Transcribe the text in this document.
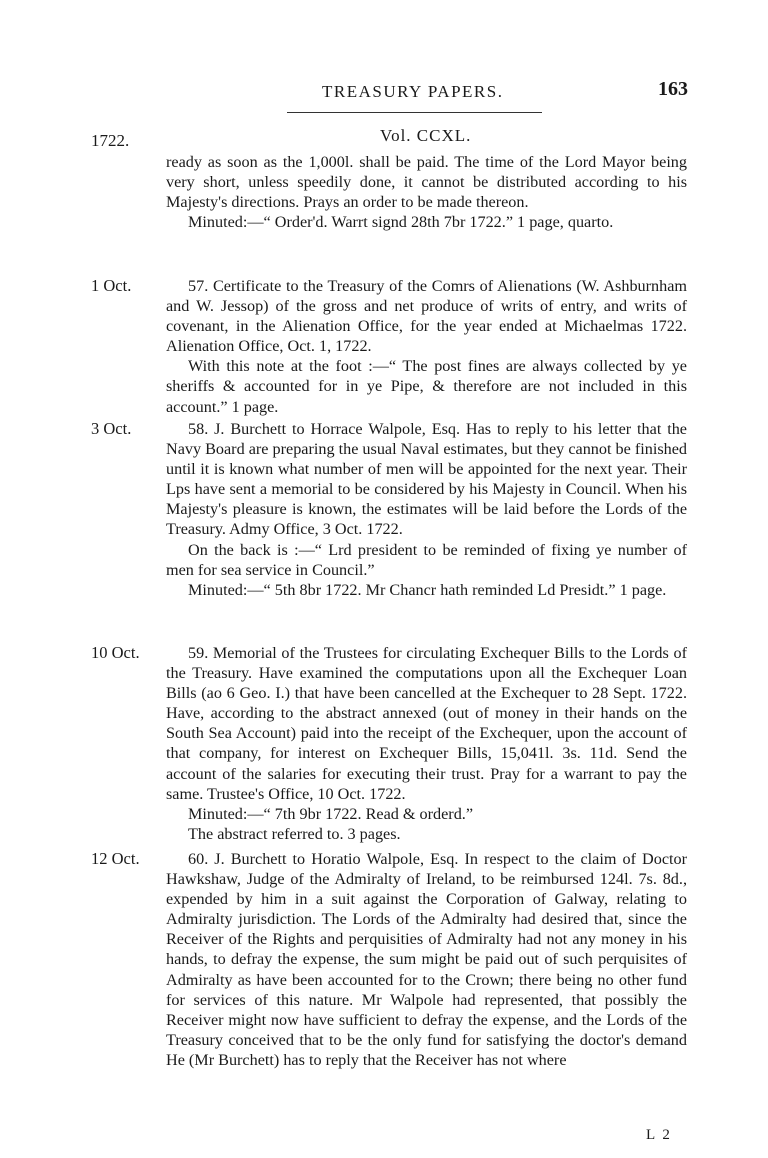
TREASURY PAPERS.	163
1722.	Vol. CCXL.

ready as soon as the 1,000l. shall be paid. The time of the Lord Mayor being very short, unless speedily done, it cannot be distributed according to his Majesty's directions. Prays an order to be made thereon.

Minuted:—“ Order'd. Warrt signd 28th 7br 1722.” 1 page, quarto.

1 Oct.	57. Certificate to the Treasury of the Comrs of Alienations (W. Ashburnham and W. Jessop) of the gross and net produce of writs of entry, and writs of covenant, in the Alienation Office, for the year ended at Michaelmas 1722. Alienation Office, Oct. 1, 1722.

With this note at the foot :—“ The post fines are always collected by ye sheriffs & accounted for in ye Pipe, & therefore are not included in this account.” 1 page.

3 Oct.	58. J. Burchett to Horrace Walpole, Esq. Has to reply to his letter that the Navy Board are preparing the usual Naval estimates, but they cannot be finished until it is known what number of men will be appointed for the next year. Their Lps have sent a memorial to be considered by his Majesty in Council. When his Majesty's pleasure is known, the estimates will be laid before the Lords of the Treasury. Admy Office, 3 Oct. 1722.

On the back is :—“ Lrd president to be reminded of fixing ye number of men for sea service in Council.”

Minuted:—“ 5th 8br 1722. Mr Chancr hath reminded Ld Presidt.” 1 page.

10 Oct.	59. Memorial of the Trustees for circulating Exchequer Bills to the Lords of the Treasury. Have examined the computations upon all the Exchequer Loan Bills (ao 6 Geo. I.) that have been cancelled at the Exchequer to 28 Sept. 1722. Have, according to the abstract annexed (out of money in their hands on the South Sea Account) paid into the receipt of the Exchequer, upon the account of that company, for interest on Exchequer Bills, 15,041l. 3s. 11d. Send the account of the salaries for executing their trust. Pray for a warrant to pay the same. Trustee's Office, 10 Oct. 1722.

Minuted:—“ 7th 9br 1722. Read & orderd.”

The abstract referred to. 3 pages.

12 Oct.	60. J. Burchett to Horatio Walpole, Esq. In respect to the claim of Doctor Hawkshaw, Judge of the Admiralty of Ireland, to be reimbursed 124l. 7s. 8d., expended by him in a suit against the Corporation of Galway, relating to Admiralty jurisdiction. The Lords of the Admiralty had desired that, since the Receiver of the Rights and perquisities of Admiralty had not any money in his hands, to defray the expense, the sum might be paid out of such perquisites of Admiralty as have been accounted for to the Crown; there being no other fund for services of this nature. Mr Walpole had represented, that possibly the Receiver might now have sufficient to defray the expense, and the Lords of the Treasury conceived that to be the only fund for satisfying the doctor's demand He (Mr Burchett) has to reply that the Receiver has not where

L 2
